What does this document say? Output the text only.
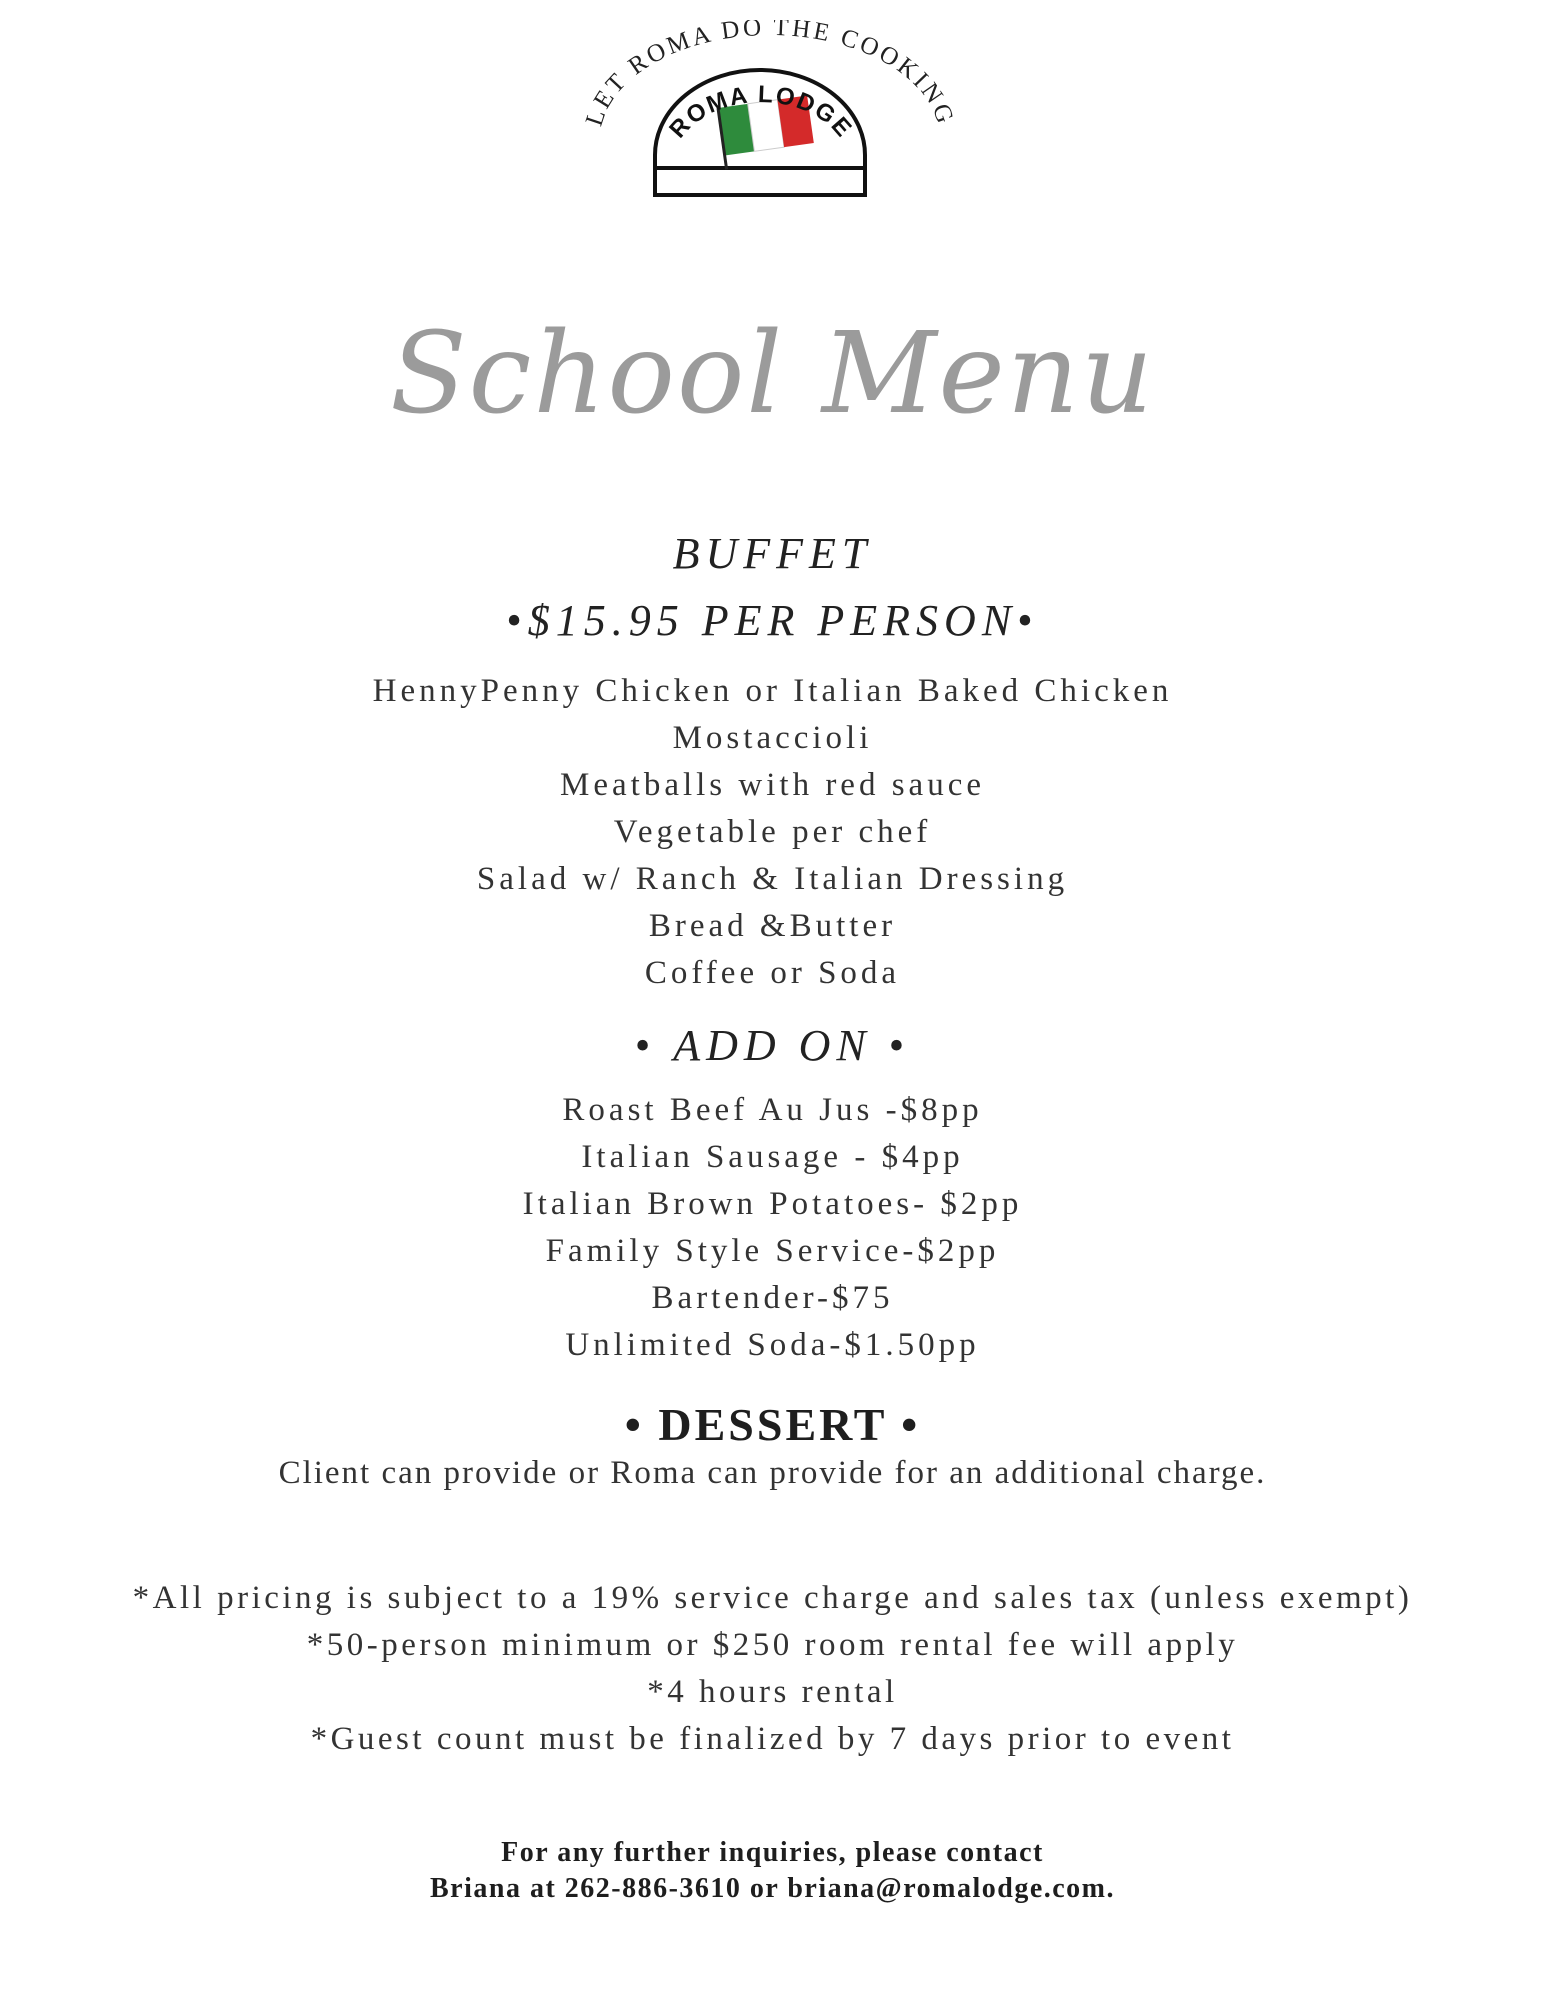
LET ROMA DO THE COOKING
ROMA LODGE
School Menu
BUFFET
•$15.95 PER PERSON•
HennyPenny Chicken or Italian Baked Chicken
Mostaccioli
Meatballs with red sauce
Vegetable per chef
Salad w/ Ranch & Italian Dressing
Bread &Butter
Coffee or Soda
• ADD ON •
Roast Beef Au Jus -$8pp
Italian Sausage - $4pp
Italian Brown Potatoes- $2pp
Family Style Service-$2pp
Bartender-$75
Unlimited Soda-$1.50pp
• DESSERT •
Client can provide or Roma can provide for an additional charge.
*All pricing is subject to a 19% service charge and sales tax (unless exempt)
*50-person minimum or $250 room rental fee will apply
*4 hours rental
*Guest count must be finalized by 7 days prior to event
For any further inquiries, please contact
Briana at 262-886-3610 or briana@romalodge.com.
